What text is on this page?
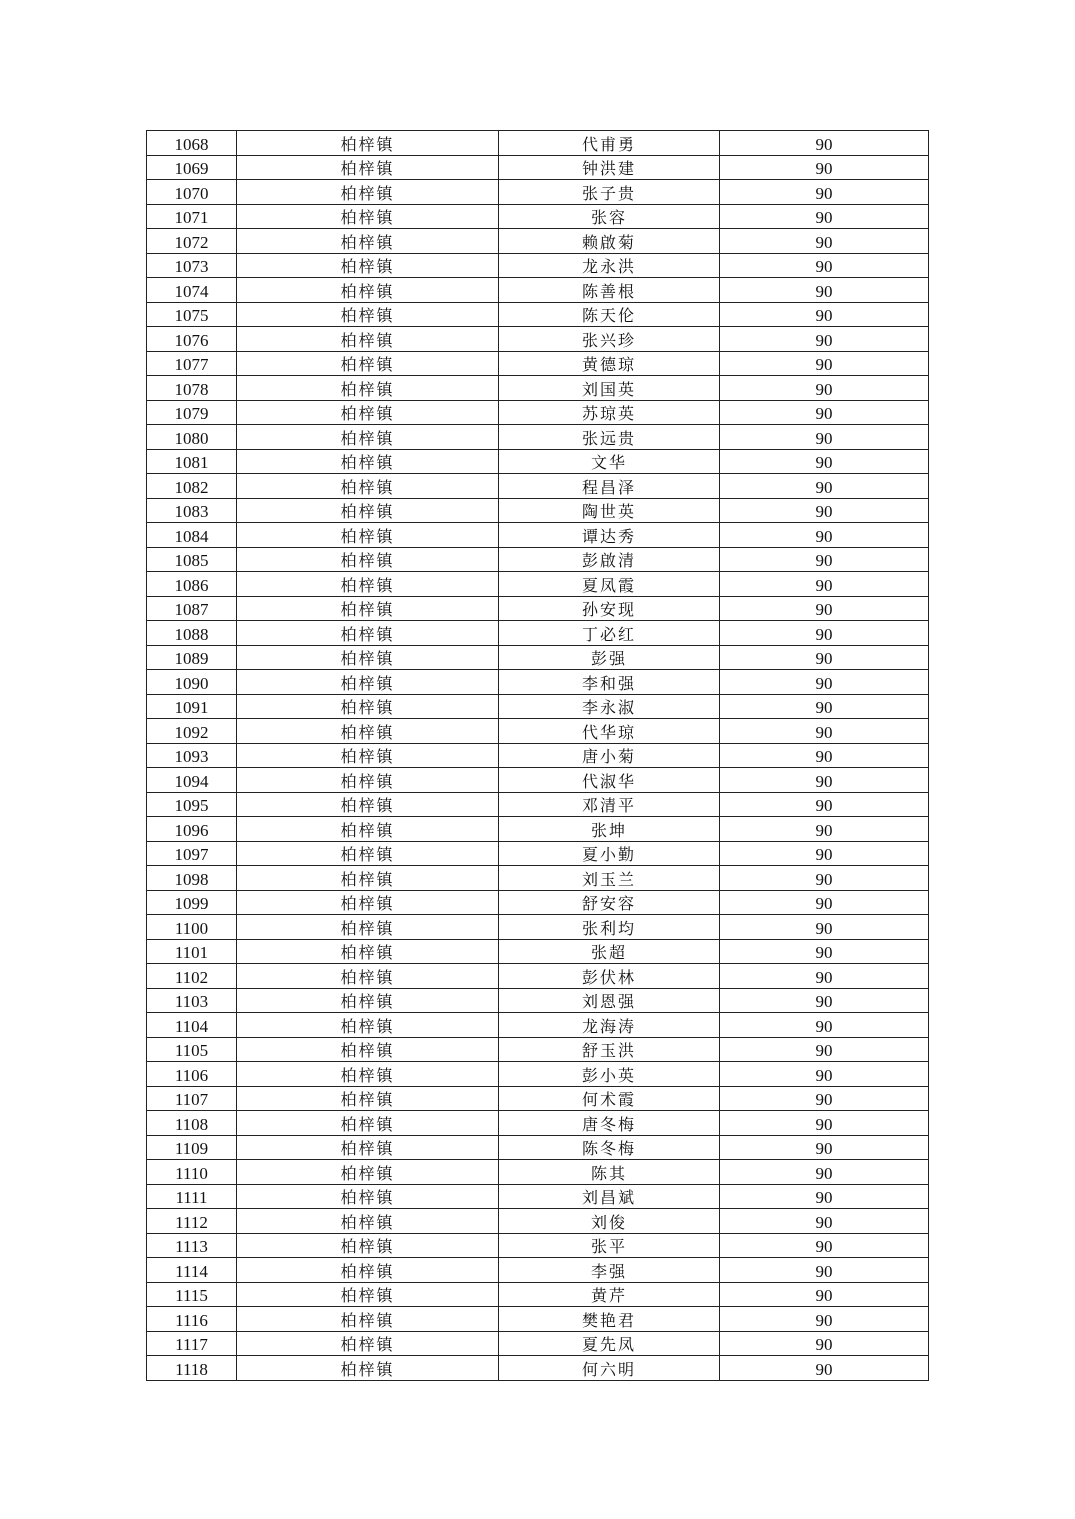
1068	柏梓镇	代甫勇	90
1069	柏梓镇	钟洪建	90
1070	柏梓镇	张子贵	90
1071	柏梓镇	张容	90
1072	柏梓镇	赖啟菊	90
1073	柏梓镇	龙永洪	90
1074	柏梓镇	陈善根	90
1075	柏梓镇	陈天伦	90
1076	柏梓镇	张兴珍	90
1077	柏梓镇	黄德琼	90
1078	柏梓镇	刘国英	90
1079	柏梓镇	苏琼英	90
1080	柏梓镇	张远贵	90
1081	柏梓镇	文华	90
1082	柏梓镇	程昌泽	90
1083	柏梓镇	陶世英	90
1084	柏梓镇	谭达秀	90
1085	柏梓镇	彭啟清	90
1086	柏梓镇	夏凤霞	90
1087	柏梓镇	孙安现	90
1088	柏梓镇	丁必红	90
1089	柏梓镇	彭强	90
1090	柏梓镇	李和强	90
1091	柏梓镇	李永淑	90
1092	柏梓镇	代华琼	90
1093	柏梓镇	唐小菊	90
1094	柏梓镇	代淑华	90
1095	柏梓镇	邓清平	90
1096	柏梓镇	张坤	90
1097	柏梓镇	夏小勤	90
1098	柏梓镇	刘玉兰	90
1099	柏梓镇	舒安容	90
1100	柏梓镇	张利均	90
1101	柏梓镇	张超	90
1102	柏梓镇	彭伏林	90
1103	柏梓镇	刘恩强	90
1104	柏梓镇	龙海涛	90
1105	柏梓镇	舒玉洪	90
1106	柏梓镇	彭小英	90
1107	柏梓镇	何术霞	90
1108	柏梓镇	唐冬梅	90
1109	柏梓镇	陈冬梅	90
1110	柏梓镇	陈其	90
1111	柏梓镇	刘昌斌	90
1112	柏梓镇	刘俊	90
1113	柏梓镇	张平	90
1114	柏梓镇	李强	90
1115	柏梓镇	黄芹	90
1116	柏梓镇	樊艳君	90
1117	柏梓镇	夏先凤	90
1118	柏梓镇	何六明	90
